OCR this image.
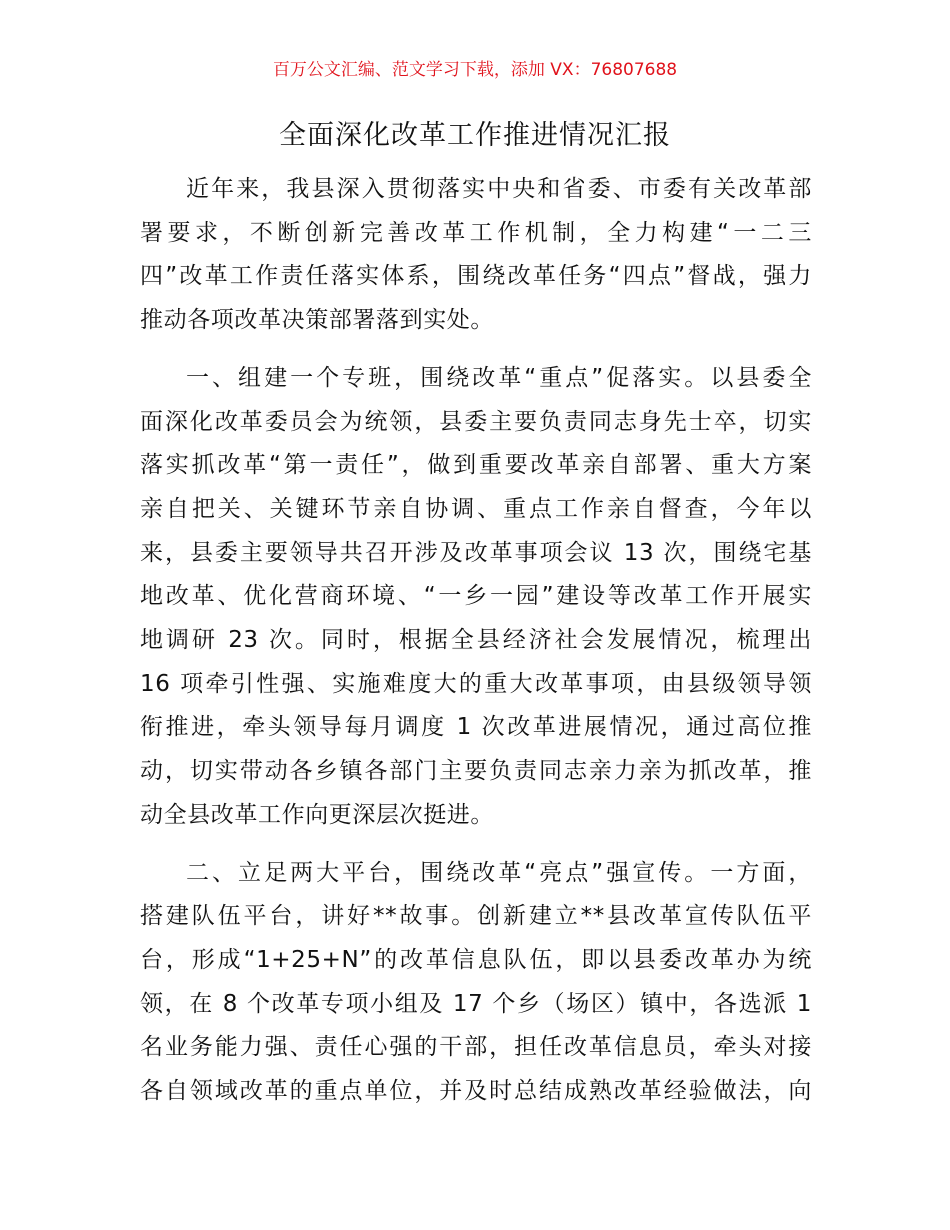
百万公文汇编、范文学习下载，添加 VX：76807688
全面深化改革工作推进情况汇报
近年来，我县深入贯彻落实中央和省委、市委有关改革部
署要求，不断创新完善改革工作机制，全力构建“一二三
四”改革工作责任落实体系，围绕改革任务“四点”督战，强力
推动各项改革决策部署落到实处。
一、组建一个专班，围绕改革“重点”促落实。以县委全
面深化改革委员会为统领，县委主要负责同志身先士卒，切实
落实抓改革“第一责任”，做到重要改革亲自部署、重大方案
亲自把关、关键环节亲自协调、重点工作亲自督查，今年以
来，县委主要领导共召开涉及改革事项会议 13 次，围绕宅基
地改革、优化营商环境、“一乡一园”建设等改革工作开展实
地调研 23 次。同时，根据全县经济社会发展情况，梳理出
16 项牵引性强、实施难度大的重大改革事项，由县级领导领
衔推进，牵头领导每月调度 1 次改革进展情况，通过高位推
动，切实带动各乡镇各部门主要负责同志亲力亲为抓改革，推
动全县改革工作向更深层次挺进。
二、立足两大平台，围绕改革“亮点”强宣传。一方面，
搭建队伍平台，讲好**故事。创新建立**县改革宣传队伍平
台，形成“1+25+N”的改革信息队伍，即以县委改革办为统
领，在 8 个改革专项小组及 17 个乡（场区）镇中，各选派 1
名业务能力强、责任心强的干部，担任改革信息员，牵头对接
各自领域改革的重点单位，并及时总结成熟改革经验做法，向
